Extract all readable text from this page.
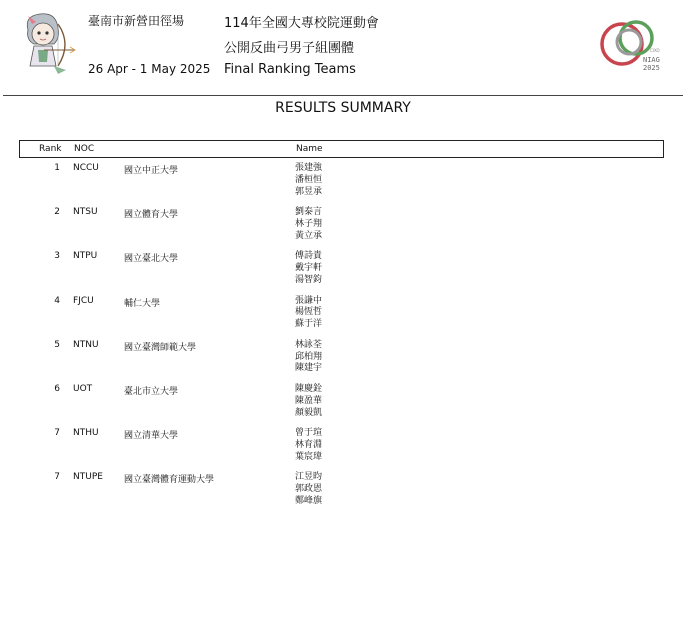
臺南市新營田徑場
26 Apr - 1 May 2025
114年全國大專校院運動會
公開反曲弓男子組團體
Final Ranking Teams
CIXO
NIAG
2025
RESULTS SUMMARY
Rank NOC	Name
1 NCCU	國立中正大學	張建強
潘桓恒
郭昱承
2 NTSU	國立體育大學	劉泰言
林子翔
黃立承
3 NTPU	國立臺北大學	傅詩貴
戴宇軒
湯智鈞
4 FJCU	輔仁大學	張謙中
楊恆哲
蘇于洋
5 NTNU	國立臺灣師範大學	林詠荃
邱柏翔
陳建宇
6 UOT	臺北市立大學	陳慶銓
陳盈華
顏毅凱
7 NTHU	國立清華大學	曾于瑄
林育淵
葉宸瑋
7 NTUPE 國立臺灣體育運動大學	江昱昀
郭政恩
鄭峰旗
